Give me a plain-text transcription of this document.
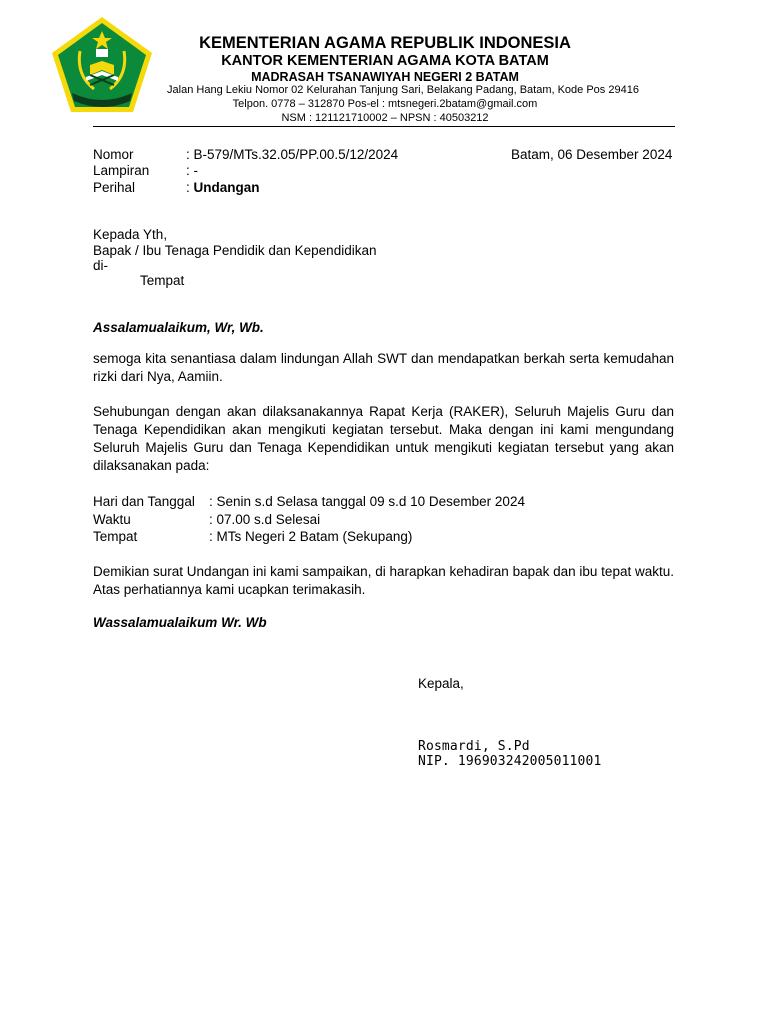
KEMENTERIAN AGAMA REPUBLIK INDONESIA
KANTOR KEMENTERIAN AGAMA KOTA BATAM
MADRASAH TSANAWIYAH NEGERI 2 BATAM
Jalan Hang Lekiu Nomor 02 Kelurahan Tanjung Sari, Belakang Padang, Batam, Kode Pos 29416
Telpon. 0778 – 312870 Pos-el : mtsnegeri.2batam@gmail.com
NSM : 121121710002 – NPSN : 40503212
Nomor	: B-579/MTs.32.05/PP.00.5/12/2024	Batam, 06 Desember 2024
Lampiran	: -
Perihal	: Undangan
Kepada Yth,
Bapak / Ibu Tenaga Pendidik dan Kependidikan
di-
Tempat
Assalamualaikum, Wr, Wb.
semoga kita senantiasa dalam lindungan Allah SWT dan mendapatkan berkah serta kemudahan rizki dari Nya, Aamiin.
Sehubungan dengan akan dilaksanakannya Rapat Kerja (RAKER), Seluruh Majelis Guru dan Tenaga Kependidikan akan mengikuti kegiatan tersebut. Maka dengan ini kami mengundang Seluruh Majelis Guru dan Tenaga Kependidikan untuk mengikuti kegiatan tersebut yang akan dilaksanakan pada:
Hari dan Tanggal : Senin s.d Selasa tanggal 09 s.d 10 Desember 2024
Waktu	: 07.00 s.d Selesai
Tempat	: MTs Negeri 2 Batam (Sekupang)
Demikian surat Undangan ini kami sampaikan, di harapkan kehadiran bapak dan ibu tepat waktu. Atas perhatiannya kami ucapkan terimakasih.
Wassalamualaikum Wr. Wb
Kepala,
Rosmardi, S.Pd
NIP. 196903242005011001
